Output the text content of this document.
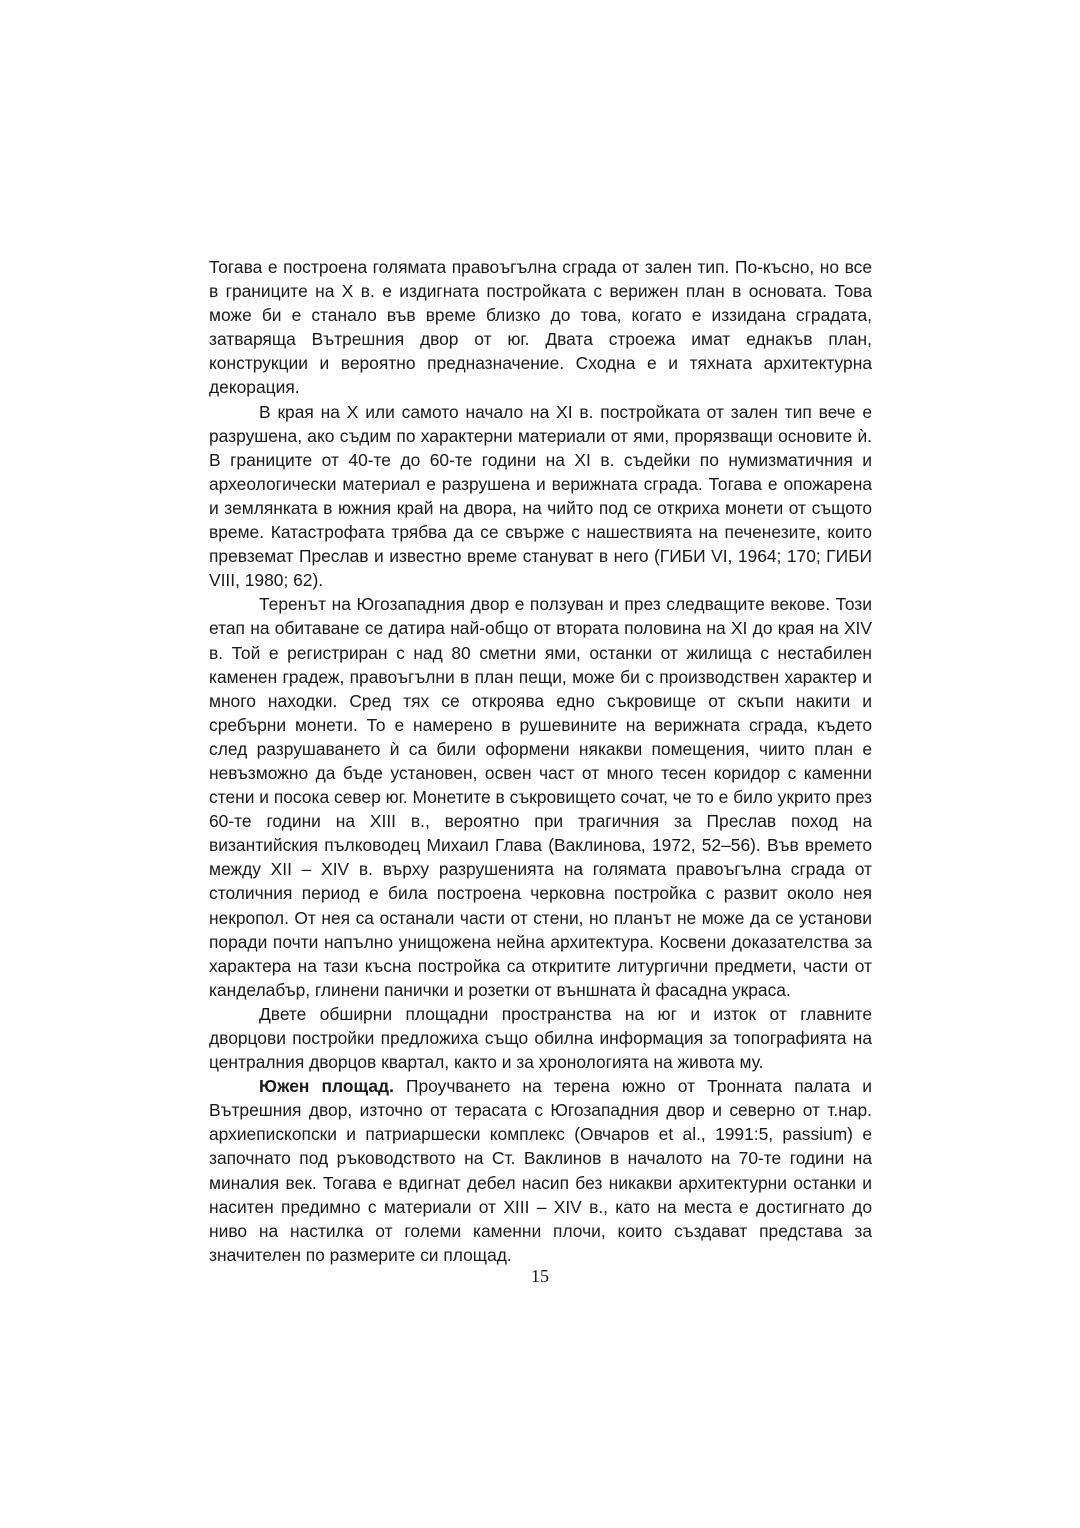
Тогава е построена голямата правоъгълна сграда от зален тип. По-късно, но все в границите на Х в. е издигната постройката с верижен план в основата. Това може би е станало във време близко до това, когато е иззидана сградата, затваряща Вътрешния двор от юг. Двата строежа имат еднакъв план, конструкции и вероятно предназначение. Сходна е и тяхната архитектурна декорация.

В края на Х или самото начало на ХI в. постройката от зален тип вече е разрушена, ако съдим по характерни материали от ями, прорязващи основите ѝ. В границите от 40-те до 60-те години на ХI в. съдейки по нумизматичния и археологически материал е разрушена и верижната сграда. Тогава е опожарена и землянката в южния край на двора, на чийто под се откриха монети от същото време. Катастрофата трябва да се свърже с нашествията на печенезите, които превземат Преслав и известно време стануват в него (ГИБИ VI, 1964; 170; ГИБИ VIII, 1980; 62).

Теренът на Югозападния двор е ползуван и през следващите векове. Този етап на обитаване се датира най-общо от втората половина на ХI до края на ХIV в. Той е регистриран с над 80 сметни ями, останки от жилища с нестабилен каменен градеж, правоъгълни в план пещи, може би с производствен характер и много находки. Сред тях се откроява едно съкровище от скъпи накити и сребърни монети. То е намерено в рушевините на верижната сграда, където след разрушаването ѝ са били оформени някакви помещения, чиито план е невъзможно да бъде установен, освен част от много тесен коридор с каменни стени и посока север юг. Монетите в съкровището сочат, че то е било укрито през 60-те години на ХIII в., вероятно при трагичния за Преслав поход на византийския пълководец Михаил Глава (Ваклинова, 1972, 52–56). Във времето между ХII – ХIV в. върху разрушенията на голямата правоъгълна сграда от столичния период е била построена черковна постройка с развит около нея некропол. От нея са останали части от стени, но планът не може да се установи поради почти напълно унищожена нейна архитектура. Косвени доказателства за характера на тази късна постройка са откритите литургични предмети, части от канделабър, глинени панички и розетки от външната ѝ фасадна украса.

Двете обширни площадни пространства на юг и изток от главните дворцови постройки предложиха също обилна информация за топографията на централния дворцов квартал, както и за хронологията на живота му.

Южен площад. Проучването на терена южно от Тронната палата и Вътрешния двор, източно от терасата с Югозападния двор и северно от т.нар. архиепископски и патриаршески комплекс (Овчаров et al., 1991:5, passium) е започнато под ръководството на Ст. Ваклинов в началото на 70-те години на миналия век. Тогава е вдигнат дебел насип без никакви архитектурни останки и наситен предимно с материали от ХIII – ХIV в., като на места е достигнато до ниво на настилка от големи каменни плочи, които създават представа за значителен по размерите си площад.

15
